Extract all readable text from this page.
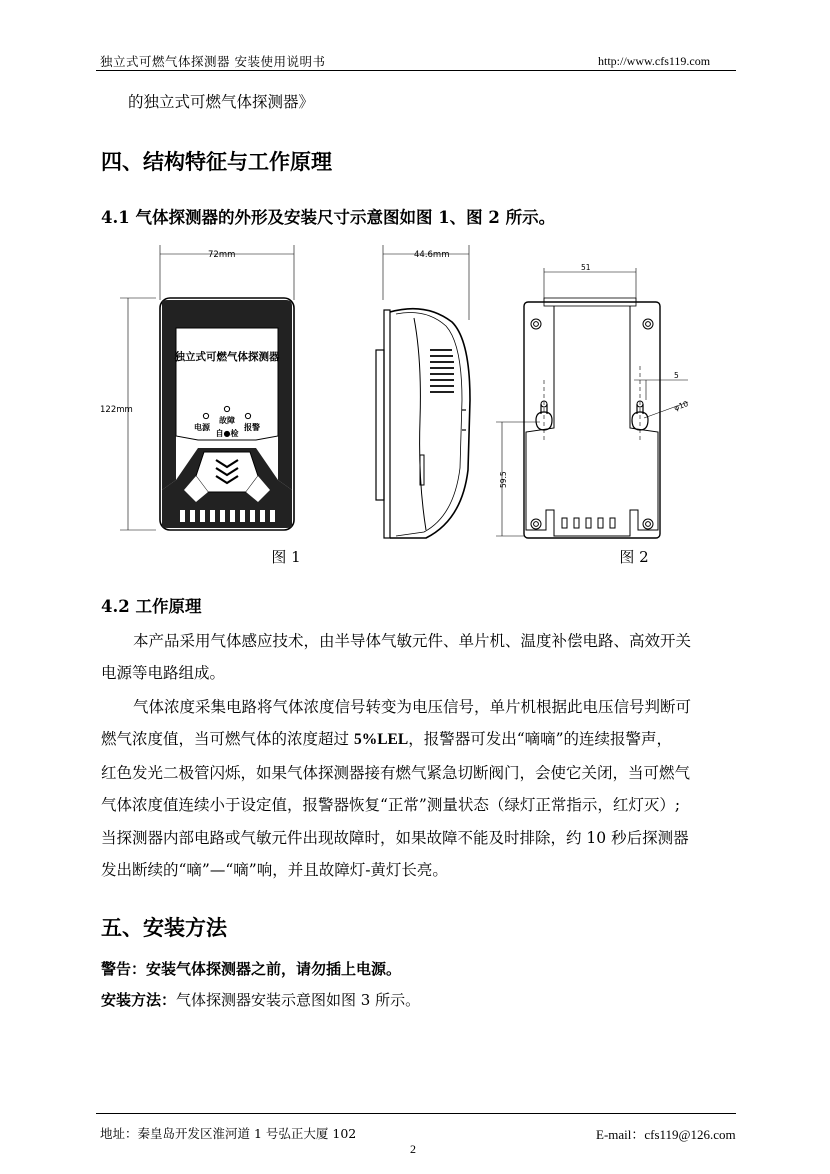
独立式可燃气体探测器 安装使用说明书	http://www.cfs119.com
的独立式可燃气体探测器》
四、结构特征与工作原理
4.1 气体探测器的外形及安装尺寸示意图如图 1、图 2 所示。
72mm
122mm
独立式可燃气体探测器
电源
故障
报警
自●检
图 1
44.6mm
51
5
φ10
59.5
图 2
4.2 工作原理
本产品采用气体感应技术，由半导体气敏元件、单片机、温度补偿电路、高效开关
电源等电路组成。
气体浓度采集电路将气体浓度信号转变为电压信号，单片机根据此电压信号判断可
燃气浓度值，当可燃气体的浓度超过 5%LEL，报警器可发出“嘀嘀”的连续报警声，
红色发光二极管闪烁，如果气体探测器接有燃气紧急切断阀门，会使它关闭，当可燃气
气体浓度值连续小于设定值，报警器恢复“正常”测量状态（绿灯正常指示，红灯灭）;
当探测器内部电路或气敏元件出现故障时，如果故障不能及时排除，约 10 秒后探测器
发出断续的“嘀”—“嘀”响，并且故障灯-黄灯长亮。
五、安装方法
警告：安装气体探测器之前，请勿插上电源。
安装方法：气体探测器安装示意图如图 3 所示。
地址：秦皇岛开发区淮河道 1 号弘正大厦 102	E-mail：cfs119@126.com
2
